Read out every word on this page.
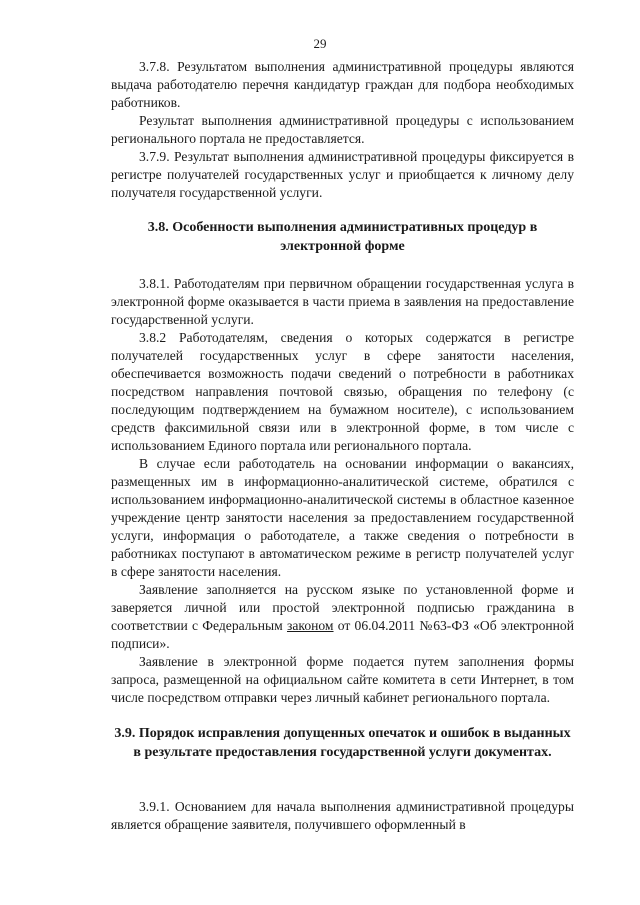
29

3.7.8. Результатом выполнения административной процедуры являются выдача работодателю перечня кандидатур граждан для подбора необходимых работников.

Результат выполнения административной процедуры с использованием регионального портала не предоставляется.

3.7.9. Результат выполнения административной процедуры фиксируется в регистре получателей государственных услуг и приобщается к личному делу получателя государственной услуги.

3.8. Особенности выполнения административных процедур в электронной форме

3.8.1. Работодателям при первичном обращении государственная услуга в электронной форме оказывается в части приема в заявления на предоставление государственной услуги.

3.8.2 Работодателям, сведения о которых содержатся в регистре получателей государственных услуг в сфере занятости населения, обеспечивается возможность подачи сведений о потребности в работниках посредством направления почтовой связью, обращения по телефону (с последующим подтверждением на бумажном носителе), с использованием средств факсимильной связи или в электронной форме, в том числе с использованием Единого портала или регионального портала.

В случае если работодатель на основании информации о вакансиях, размещенных им в информационно-аналитической системе, обратился с использованием информационно-аналитической системы в областное казенное учреждение центр занятости населения за предоставлением государственной услуги, информация о работодателе, а также сведения о потребности в работниках поступают в автоматическом режиме в регистр получателей услуг в сфере занятости населения.

Заявление заполняется на русском языке по установленной форме и заверяется личной или простой электронной подписью гражданина в соответствии с Федеральным законом от 06.04.2011 №63-ФЗ «Об электронной подписи».

Заявление в электронной форме подается путем заполнения формы запроса, размещенной на официальном сайте комитета в сети Интернет, в том числе посредством отправки через личный кабинет регионального портала.

3.9. Порядок исправления допущенных опечаток и ошибок в выданных в результате предоставления государственной услуги документах.

3.9.1. Основанием для начала выполнения административной процедуры является обращение заявителя, получившего оформленный в
